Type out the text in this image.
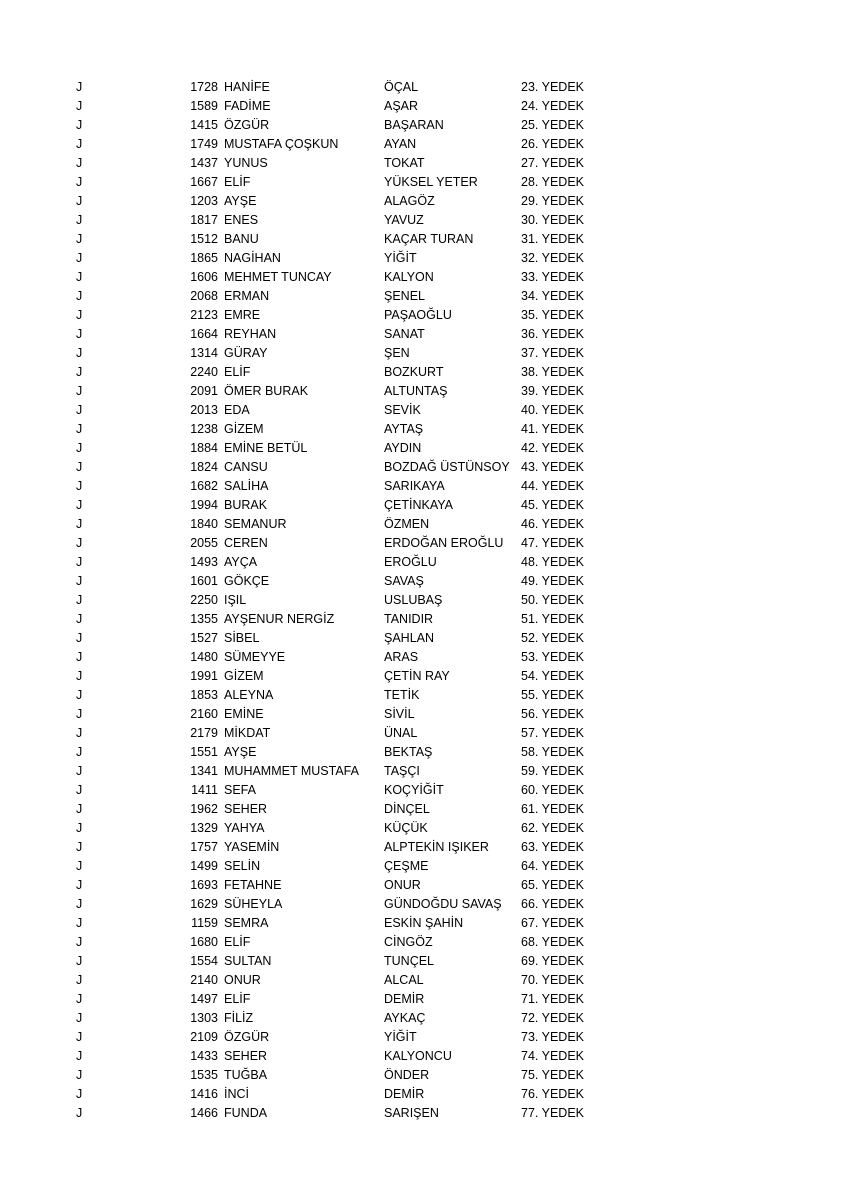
J	1728 HANİFE	ÖÇAL	23. YEDEK
J	1589 FADİME	AŞAR	24. YEDEK
J	1415 ÖZGÜR	BAŞARAN	25. YEDEK
J	1749 MUSTAFA ÇOŞKUN	AYAN	26. YEDEK
J	1437 YUNUS	TOKAT	27. YEDEK
J	1667 ELİF	YÜKSEL YETER	28. YEDEK
J	1203 AYŞE	ALAGÖZ	29. YEDEK
J	1817 ENES	YAVUZ	30. YEDEK
J	1512 BANU	KAÇAR TURAN	31. YEDEK
J	1865 NAGİHAN	YİĞİT	32. YEDEK
J	1606 MEHMET TUNCAY	KALYON	33. YEDEK
J	2068 ERMAN	ŞENEL	34. YEDEK
J	2123 EMRE	PAŞAOĞLU	35. YEDEK
J	1664 REYHAN	SANAT	36. YEDEK
J	1314 GÜRAY	ŞEN	37. YEDEK
J	2240 ELİF	BOZKURT	38. YEDEK
J	2091 ÖMER BURAK	ALTUNTAŞ	39. YEDEK
J	2013 EDA	SEVİK	40. YEDEK
J	1238 GİZEM	AYTAŞ	41. YEDEK
J	1884 EMİNE BETÜL	AYDIN	42. YEDEK
J	1824 CANSU	BOZDAĞ ÜSTÜNSOY 43. YEDEK
J	1682 SALİHA	SARIKAYA	44. YEDEK
J	1994 BURAK	ÇETİNKAYA	45. YEDEK
J	1840 SEMANUR	ÖZMEN	46. YEDEK
J	2055 CEREN	ERDOĞAN EROĞLU 47. YEDEK
J	1493 AYÇA	EROĞLU	48. YEDEK
J	1601 GÖKÇE	SAVAŞ	49. YEDEK
J	2250 IŞIL	USLUBAŞ	50. YEDEK
J	1355 AYŞENUR NERGİZ	TANIDIR	51. YEDEK
J	1527 SİBEL	ŞAHLAN	52. YEDEK
J	1480 SÜMEYYE	ARAS	53. YEDEK
J	1991 GİZEM	ÇETİN RAY	54. YEDEK
J	1853 ALEYNA	TETİK	55. YEDEK
J	2160 EMİNE	SİVİL	56. YEDEK
J	2179 MİKDAT	ÜNAL	57. YEDEK
J	1551 AYŞE	BEKTAŞ	58. YEDEK
J	1341 MUHAMMET MUSTAFA TAŞÇI	59. YEDEK
J	1411 SEFA	KOÇYİĞİT	60. YEDEK
J	1962 SEHER	DİNÇEL	61. YEDEK
J	1329 YAHYA	KÜÇÜK	62. YEDEK
J	1757 YASEMİN	ALPTEKİN IŞIKER	63. YEDEK
J	1499 SELİN	ÇEŞME	64. YEDEK
J	1693 FETAHNE	ONUR	65. YEDEK
J	1629 SÜHEYLA	GÜNDOĞDU SAVAŞ 66. YEDEK
J	1159 SEMRA	ESKİN ŞAHİN	67. YEDEK
J	1680 ELİF	CİNGÖZ	68. YEDEK
J	1554 SULTAN	TUNÇEL	69. YEDEK
J	2140 ONUR	ALCAL	70. YEDEK
J	1497 ELİF	DEMİR	71. YEDEK
J	1303 FİLİZ	AYKAÇ	72. YEDEK
J	2109 ÖZGÜR	YİĞİT	73. YEDEK
J	1433 SEHER	KALYONCU	74. YEDEK
J	1535 TUĞBA	ÖNDER	75. YEDEK
J	1416 İNCİ	DEMİR	76. YEDEK
J	1466 FUNDA	SARIŞEN	77. YEDEK
